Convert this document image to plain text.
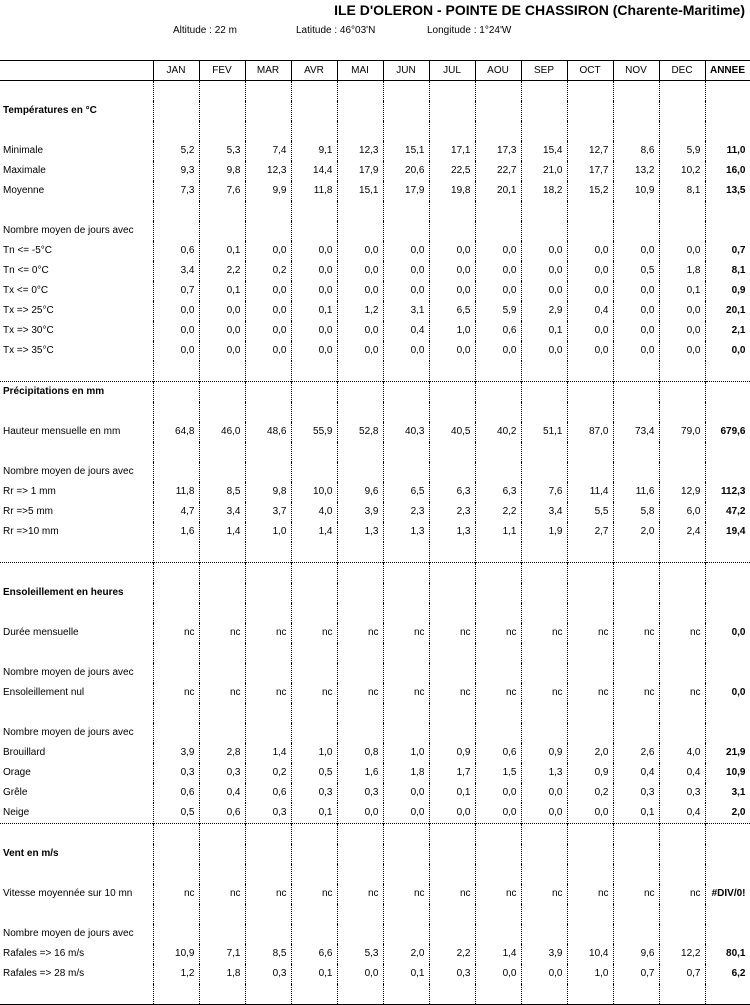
ILE D'OLERON - POINTE DE CHASSIRON (Charente-Maritime)
Altitude : 22 m	Latitude : 46°03'N	Longitude : 1°24'W
	JAN	FEV	MAR	AVR	MAI	JUN	JUL	AOU	SEP	OCT	NOV	DEC	ANNEE

Températures en °C													

Minimale	5,2	5,3	7,4	9,1	12,3	15,1	17,1	17,3	15,4	12,7	8,6	5,9	11,0
Maximale	9,3	9,8	12,3	14,4	17,9	20,6	22,5	22,7	21,0	17,7	13,2	10,2	16,0
Moyenne	7,3	7,6	9,9	11,8	15,1	17,9	19,8	20,1	18,2	15,2	10,9	8,1	13,5

Nombre moyen de jours avec													
Tn <= -5°C	0,6	0,1	0,0	0,0	0,0	0,0	0,0	0,0	0,0	0,0	0,0	0,0	0,7
Tn <= 0°C	3,4	2,2	0,2	0,0	0,0	0,0	0,0	0,0	0,0	0,0	0,5	1,8	8,1
Tx <= 0°C	0,7	0,1	0,0	0,0	0,0	0,0	0,0	0,0	0,0	0,0	0,0	0,1	0,9
Tx => 25°C	0,0	0,0	0,0	0,1	1,2	3,1	6,5	5,9	2,9	0,4	0,0	0,0	20,1
Tx => 30°C	0,0	0,0	0,0	0,0	0,0	0,4	1,0	0,6	0,1	0,0	0,0	0,0	2,1
Tx => 35°C	0,0	0,0	0,0	0,0	0,0	0,0	0,0	0,0	0,0	0,0	0,0	0,0	0,0

Précipitations en mm													

Hauteur mensuelle en mm	64,8	46,0	48,6	55,9	52,8	40,3	40,5	40,2	51,1	87,0	73,4	79,0	679,6

Nombre moyen de jours avec													
Rr => 1 mm	11,8	8,5	9,8	10,0	9,6	6,5	6,3	6,3	7,6	11,4	11,6	12,9	112,3
Rr =>5 mm	4,7	3,4	3,7	4,0	3,9	2,3	2,3	2,2	3,4	5,5	5,8	6,0	47,2
Rr =>10 mm	1,6	1,4	1,0	1,4	1,3	1,3	1,3	1,1	1,9	2,7	2,0	2,4	19,4

Ensoleillement en heures													

Durée mensuelle	nc	nc	nc	nc	nc	nc	nc	nc	nc	nc	nc	nc	0,0

Nombre moyen de jours avec													
Ensoleillement nul	nc	nc	nc	nc	nc	nc	nc	nc	nc	nc	nc	nc	0,0

Nombre moyen de jours avec													
Brouillard	3,9	2,8	1,4	1,0	0,8	1,0	0,9	0,6	0,9	2,0	2,6	4,0	21,9
Orage	0,3	0,3	0,2	0,5	1,6	1,8	1,7	1,5	1,3	0,9	0,4	0,4	10,9
Grêle	0,6	0,4	0,6	0,3	0,3	0,0	0,1	0,0	0,0	0,2	0,3	0,3	3,1
Neige	0,5	0,6	0,3	0,1	0,0	0,0	0,0	0,0	0,0	0,0	0,1	0,4	2,0

Vent en m/s													

Vitesse moyennée sur 10 mn	nc	nc	nc	nc	nc	nc	nc	nc	nc	nc	nc	nc	#DIV/0!

Nombre moyen de jours avec													
Rafales => 16 m/s	10,9	7,1	8,5	6,6	5,3	2,0	2,2	1,4	3,9	10,4	9,6	12,2	80,1
Rafales => 28 m/s	1,2	1,8	0,3	0,1	0,0	0,1	0,3	0,0	0,0	1,0	0,7	0,7	6,2
